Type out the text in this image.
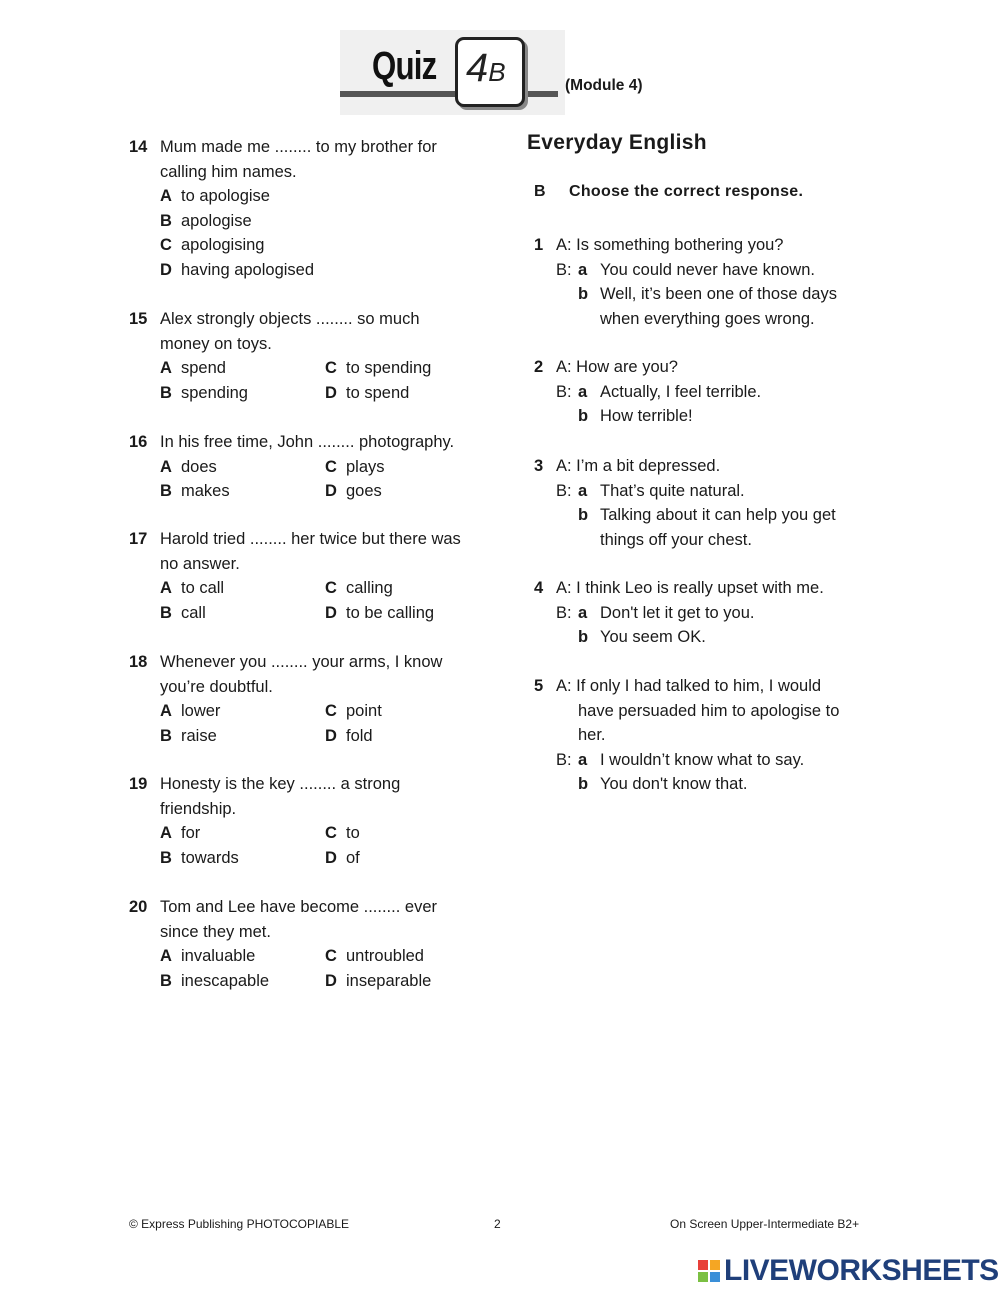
Quiz 4B	(Module 4)
14 Mum made me ........ to my brother for
calling him names.
A to apologise
B apologise
C apologising
D having apologised
15 Alex strongly objects ........ so much
money on toys.
A spend	C to spending
B spending	D to spend
16 In his free time, John ........ photography.
A does	C plays
B makes	D goes
17 Harold tried ........ her twice but there was
no answer.
A to call	C calling
B call	D to be calling
18 Whenever you ........ your arms, I know
you’re doubtful.
A lower	C point
B raise	D fold
19 Honesty is the key ........ a strong
friendship.
A for	C to
B towards	D of
20 Tom and Lee have become ........ ever
since they met.
A invaluable	C untroubled
B inescapable	D inseparable
Everyday English
B Choose the correct response.
1 A: Is something bothering you?
B: a You could never have known.
b Well, it’s been one of those days
when everything goes wrong.
2 A: How are you?
B: a Actually, I feel terrible.
b How terrible!
3 A: I’m a bit depressed.
B: a That’s quite natural.
b Talking about it can help you get
things off your chest.
4 A: I think Leo is really upset with me.
B: a Don't let it get to you.
b You seem OK.
5 A: If only I had talked to him, I would
have persuaded him to apologise to
her.
B: a I wouldn’t know what to say.
b You don't know that.
© Express Publishing PHOTOCOPIABLE	2	On Screen Upper-Intermediate B2+
LIVEWORKSHEETS
